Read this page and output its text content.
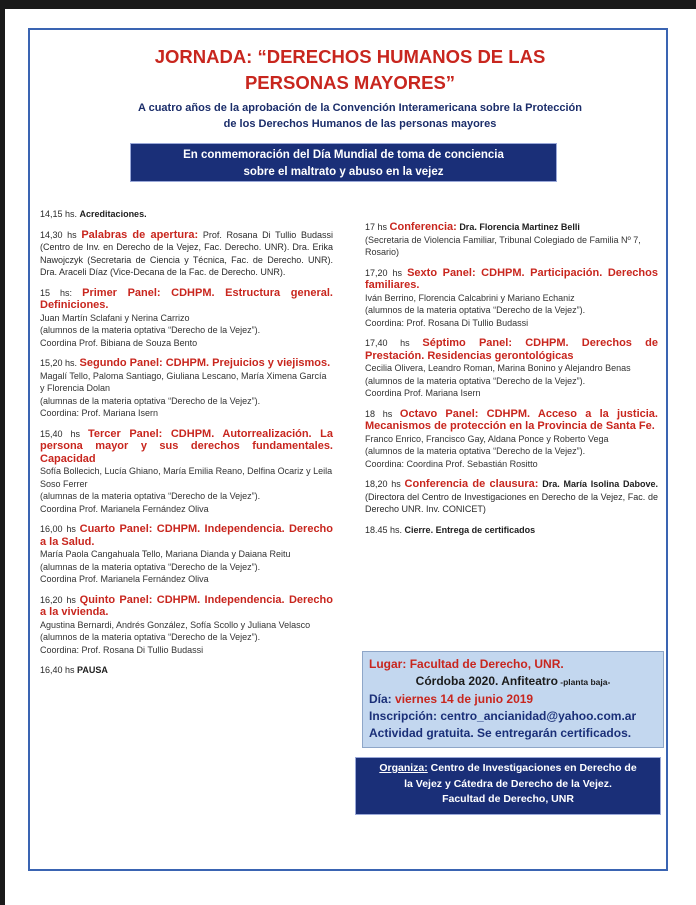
JORNADA: “DERECHOS HUMANOS DE LAS
PERSONAS MAYORES”
A cuatro años de la aprobación de la Convención Interamericana sobre la Protección
de los Derechos Humanos de las personas mayores
En conmemoración del Día Mundial de toma de conciencia
sobre el maltrato y abuso en la vejez

14,15 hs. Acreditaciones.

14,30 hs Palabras de apertura: Prof. Rosana Di Tullio Budassi (Centro de Inv. en Derecho de la Vejez, Fac. Derecho. UNR). Dra. Erika Nawojczyk (Secretaria de Ciencia y Técnica, Fac. de Derecho. UNR). Dra. Araceli Díaz (Vice-Decana de la Fac. de Derecho. UNR).

15 hs: Primer Panel: CDHPM. Estructura general. Definiciones.

Juan Martín Sclafani y Nerina Carrizo

(alumnos de la materia optativa “Derecho de la Vejez”).

Coordina Prof. Bibiana de Souza Bento

15,20 hs. Segundo Panel: CDHPM. Prejuicios y viejismos.

Magalí Tello, Paloma Santiago, Giuliana Lescano, María Ximena García y Florencia Dolan

(alumnas de la materia optativa “Derecho de la Vejez”).

Coordina: Prof. Mariana Isern

15,40 hs Tercer Panel: CDHPM. Autorrealización. La persona mayor y sus derechos fundamentales. Capacidad

Sofía Bollecich, Lucía Ghiano, María Emilia Reano, Delfina Ocariz y Leila Soso Ferrer

(alumnas de la materia optativa “Derecho de la Vejez”).

Coordina Prof. Marianela Fernández Oliva

16,00 hs Cuarto Panel: CDHPM. Independencia. Derecho a la Salud.

María Paola Cangahuala Tello, Mariana Dianda y Daiana Reitu

(alumnas de la materia optativa “Derecho de la Vejez”).

Coordina Prof. Marianela Fernández Oliva

16,20 hs Quinto Panel: CDHPM. Independencia. Derecho a la vivienda.

Agustina Bernardi, Andrés González, Sofía Scollo y Juliana Velasco

(alumnos de la materia optativa “Derecho de la Vejez”).

Coordina: Prof. Rosana Di Tullio Budassi

16,40 hs PAUSA

17 hs Conferencia: Dra. Florencia Martinez Belli

(Secretaria de Violencia Familiar, Tribunal Colegiado de Familia Nº 7, Rosario)

17,20 hs Sexto Panel: CDHPM. Participación. Derechos familiares.

Iván Berrino, Florencia Calcabrini y Mariano Echaniz

(alumnos de la materia optativa “Derecho de la Vejez”).

Coordina: Prof. Rosana Di Tullio Budassi

17,40 hs Séptimo Panel: CDHPM. Derechos de Prestación. Residencias gerontológicas

Cecilia Olivera, Leandro Roman, Marina Bonino y Alejandro Benas

(alumnos de la materia optativa “Derecho de la Vejez”).

Coordina Prof. Mariana Isern

18 hs Octavo Panel: CDHPM. Acceso a la justicia. Mecanismos de protección en la Provincia de Santa Fe.

Franco Enrico, Francisco Gay, Aldana Ponce y Roberto Vega

(alumnos de la materia optativa “Derecho de la Vejez”).

Coordina: Coordina Prof. Sebastián Rositto

18,20 hs Conferencia de clausura: Dra. María Isolina Dabove. (Directora del Centro de Investigaciones en Derecho de la Vejez, Fac. de Derecho UNR. Inv. CONICET)

18.45 hs. Cierre. Entrega de certificados

Lugar: Facultad de Derecho, UNR.
Córdoba 2020. Anfiteatro -planta baja-
Día: viernes 14 de junio 2019
Inscripción: centro_ancianidad@yahoo.com.ar
Actividad gratuita. Se entregarán certificados.
Organiza: Centro de Investigaciones en Derecho de
la Vejez y Cátedra de Derecho de la Vejez.
Facultad de Derecho, UNR
